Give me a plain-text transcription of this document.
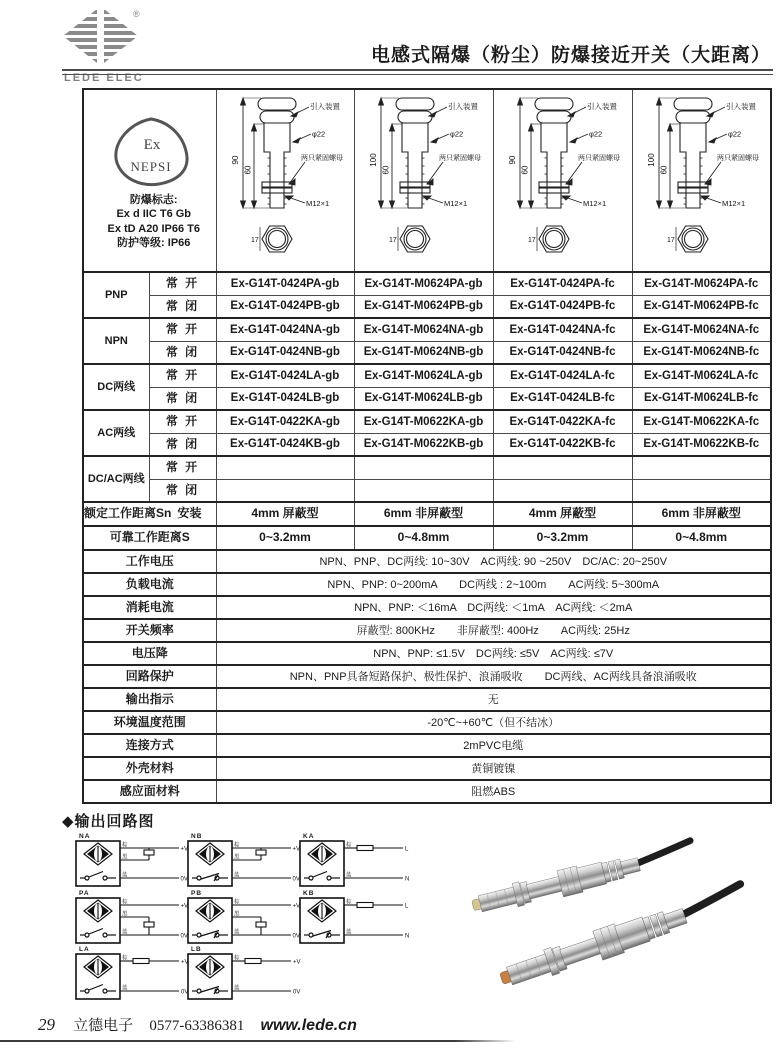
®
LEDE ELEC
电感式隔爆（粉尘）防爆接近开关（大距离）
Ex
NEPSI
防爆标志:
Ex d IIC T6 Gb
Ex tD A20 IP66 T6
防护等级: IP66

90
60
引入装置
φ22
两只紧固螺母
M12×1
17

100
60
引入装置
φ22
两只紧固螺母
M12×1
17

90
60
引入装置
φ22
两只紧固螺母
M12×1
17

100
60
引入装置
φ22
两只紧固螺母
M12×1
17

PNP	常 开	Ex-G14T-0424PA-gb	Ex-G14T-M0624PA-gb	Ex-G14T-0424PA-fc	Ex-G14T-M0624PA-fc
	常 闭	Ex-G14T-0424PB-gb	Ex-G14T-M0624PB-gb	Ex-G14T-0424PB-fc	Ex-G14T-M0624PB-fc
NPN	常 开	Ex-G14T-0424NA-gb	Ex-G14T-M0624NA-gb	Ex-G14T-0424NA-fc	Ex-G14T-M0624NA-fc
	常 闭	Ex-G14T-0424NB-gb	Ex-G14T-M0624NB-gb	Ex-G14T-0424NB-fc	Ex-G14T-M0624NB-fc
DC两线	常 开	Ex-G14T-0424LA-gb	Ex-G14T-M0624LA-gb	Ex-G14T-0424LA-fc	Ex-G14T-M0624LA-fc
	常 闭	Ex-G14T-0424LB-gb	Ex-G14T-M0624LB-gb	Ex-G14T-0424LB-fc	Ex-G14T-M0624LB-fc
AC两线	常 开	Ex-G14T-0422KA-gb	Ex-G14T-M0622KA-gb	Ex-G14T-0422KA-fc	Ex-G14T-M0622KA-fc
	常 闭	Ex-G14T-0424KB-gb	Ex-G14T-M0622KB-gb	Ex-G14T-0422KB-fc	Ex-G14T-M0622KB-fc
DC/AC两线	常 开				
	常 闭				

额定工作距离Sn 安装		4mm 屏蔽型	6mm 非屏蔽型	4mm 屏蔽型	6mm 非屏蔽型
可靠工作距离S		0~3.2mm	0~4.8mm	0~3.2mm	0~4.8mm
工作电压		NPN、PNP、DC两线: 10~30V　AC两线: 90 ~250V　DC/AC: 20~250V			
负载电流		NPN、PNP: 0~200mA　　DC两线 : 2~100m　　AC两线: 5~300mA			
消耗电流		NPN、PNP: ＜16mA　DC两线: ＜1mA　AC两线: ＜2mA			
开关频率		屏蔽型: 800KHz　　非屏蔽型: 400Hz　　AC两线: 25Hz			
电压降		NPN、PNP: ≤1.5V　DC两线: ≤5V　AC两线: ≤7V			
回路保护		NPN、PNP具备短路保护、极性保护、浪涌吸收　　DC两线、AC两线具备浪涌吸收			
输出指示		无			
环境温度范围		-20℃~+60℃（但不结冰）			
连接方式		2mPVC电缆			
外壳材料		黄铜镀镍			
感应面材料		阻燃ABS			
◆输出回路图
NA
棕
黑
蓝
+V
0V
NB
棕
黑
蓝
+V
0V
KA
棕
蓝
L
N
PA
棕
黑
蓝
+V
0V
PB
棕
黑
蓝
+V
0V
KB
棕
蓝
L
N
LA
棕
蓝
+V
0V
LB
棕
蓝
+V
0V
29 立德电子 0577-63386381 www.lede.cn
